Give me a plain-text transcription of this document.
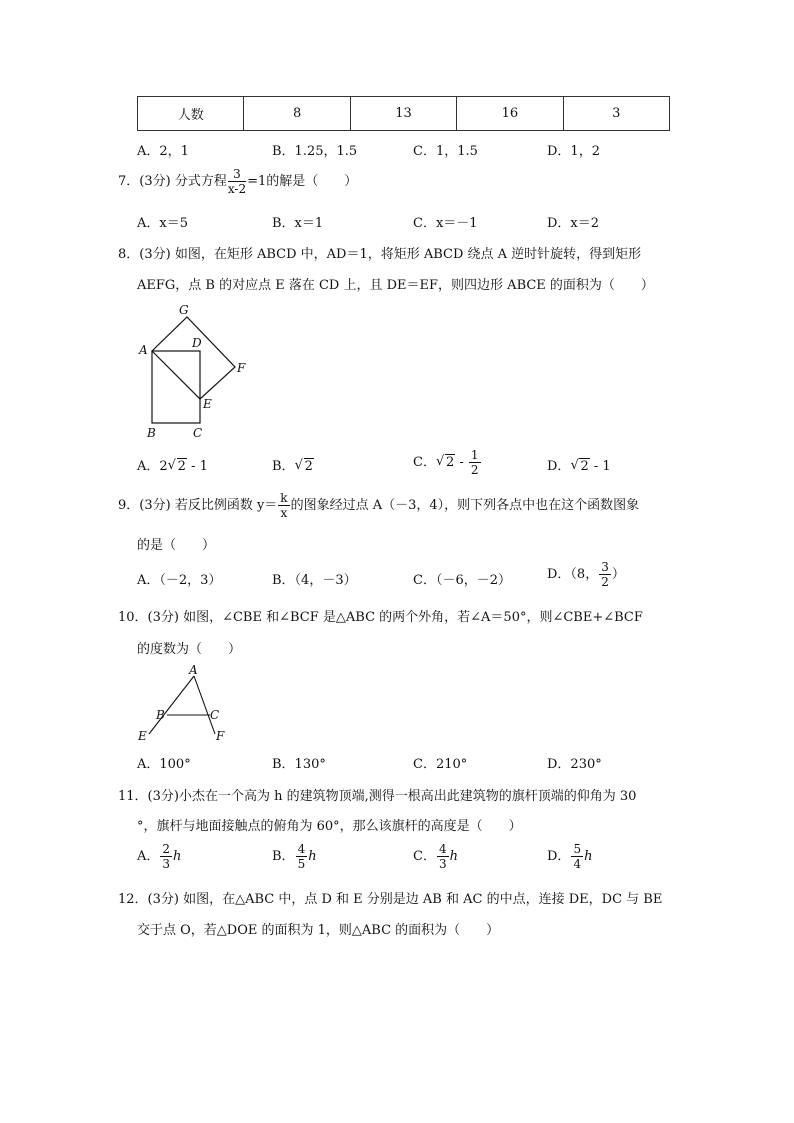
人数	8	13	16	3
A．2，1	B．1.25，1.5	C．1，1.5	D．1，2
7．(3分) 分式方程 $\frac{3}{x-2} =1$的解是（　　）
A．x＝5	B．x＝1	C．x＝－1	D．x＝2
8．(3分) 如图，在矩形 ABCD 中，AD＝1，将矩形 ABCD 绕点 A 逆时针旋转，得到矩形
AEFG，点 B 的对应点 E 落在 CD 上，且 DE＝EF，则四边形 ABCE 的面积为（　　）
G
A	D
F
E
B	C
A．2 √ 2 - 1	B． √ 2	C． √ $2 - \frac{1}{2}$	D． √ 2 - 1
9．(3分) 若反比例函数 $y= \frac{k}{x}$ 的图象经过点 A（－3，4），则下列各点中也在这个函数图象
的是（　　）
A．（－2，3）	B．（4，－3）	C．（－6，－2）	D．（8， $\frac{3}{2}$ ）
10．(3分) 如图，∠CBE 和∠BCF 是△ABC 的两个外角，若∠A＝50°，则∠CBE+∠BCF
的度数为（　　）
A
B	C
E	F
A．100°	B．130°	C．210°	D．230°
11．(3分)小杰在一个高为 h 的建筑物顶端,测得一根高出此建筑物的旗杆顶端的仰角为 30
°，旗杆与地面接触点的俯角为 60°，那么该旗杆的高度是（　　）
A． $\frac{2}{3}$ h	B． $\frac{4}{5}$ h	C． $\frac{4}{3}$ h	D． $\frac{5}{4}$ h
12．(3分) 如图，在△ABC 中，点 D 和 E 分别是边 AB 和 AC 的中点，连接 DE，DC 与 BE
交于点 O，若△DOE 的面积为 1，则△ABC 的面积为（　　）
